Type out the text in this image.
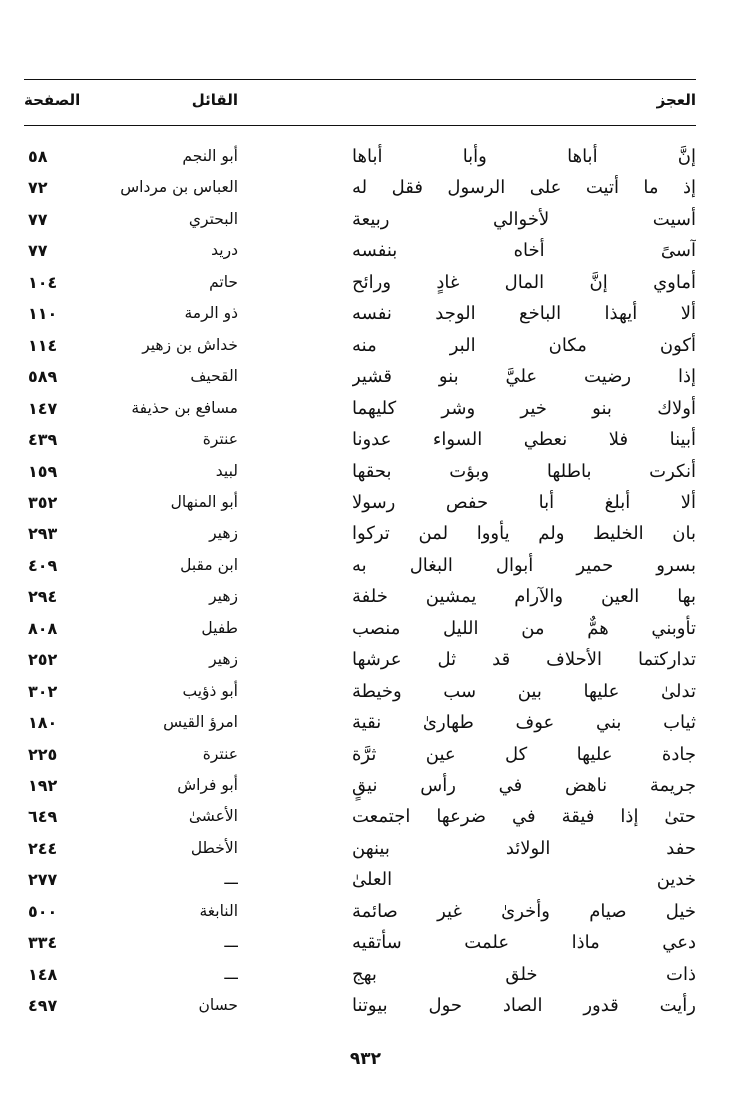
العجز
القائل
الصفحة
إنَّ أباها وأبا أباها
أبو النجم
٥٨
إذ ما أتيت على الرسول فقل له
العباس بن مرداس
٧٢
أسيت لأخوالي ربيعة
البحتري
٧٧
آسىً أخاه بنفسه
دريد
٧٧
أماوي إنَّ المال غادٍ ورائح
حاتم
١٠٤
ألا أيهذا الباخع الوجد نفسه
ذو الرمة
١١٠
أكون مكان البر منه
خداش بن زهير
١١٤
إذا رضيت عليَّ بنو قشير
القحيف
٥٨٩
أولاك بنو خير وشر كليهما
مسافع بن حذيفة
١٤٧
أبينا فلا نعطي السواء عدونا
عنترة
٤٣٩
أنكرت باطلها وبؤت بحقها
لبيد
١٥٩
ألا أبلغ أبا حفص رسولا
أبو المنهال
٣٥٢
بان الخليط ولم يأووا لمن تركوا
زهير
٢٩٣
بسرو حمير أبوال البغال به
ابن مقبل
٤٠٩
بها العين والآرام يمشين خلفة
زهير
٢٩٤
تأوبني همٌّ من الليل منصب
طفيل
٨٠٨
تداركتما الأحلاف قد ثل عرشها
زهير
٢٥٢
تدلىٰ عليها بين سب وخيطة
أبو ذؤيب
٣٠٢
ثياب بني عوف طهارىٰ نقية
امرؤ القيس
١٨٠
جادة عليها كل عين ثرَّة
عنترة
٢٢٥
جريمة ناهض في رأس نيقٍ
أبو فراش
١٩٢
حتىٰ إذا فيقة في ضرعها اجتمعت
الأعشىٰ
٦٤٩
حفد الولائد بينهن
الأخطل
٢٤٤
خدين العلىٰ
ـــ
٢٧٧
خيل صيام وأخرىٰ غير صائمة
النابغة
٥٠٠
دعي ماذا علمت سأتقيه
ـــ
٣٣٤
ذات خلق بهج
ـــ
١٤٨
رأيت قدور الصاد حول بيوتنا
حسان
٤٩٧
٩٣٢
